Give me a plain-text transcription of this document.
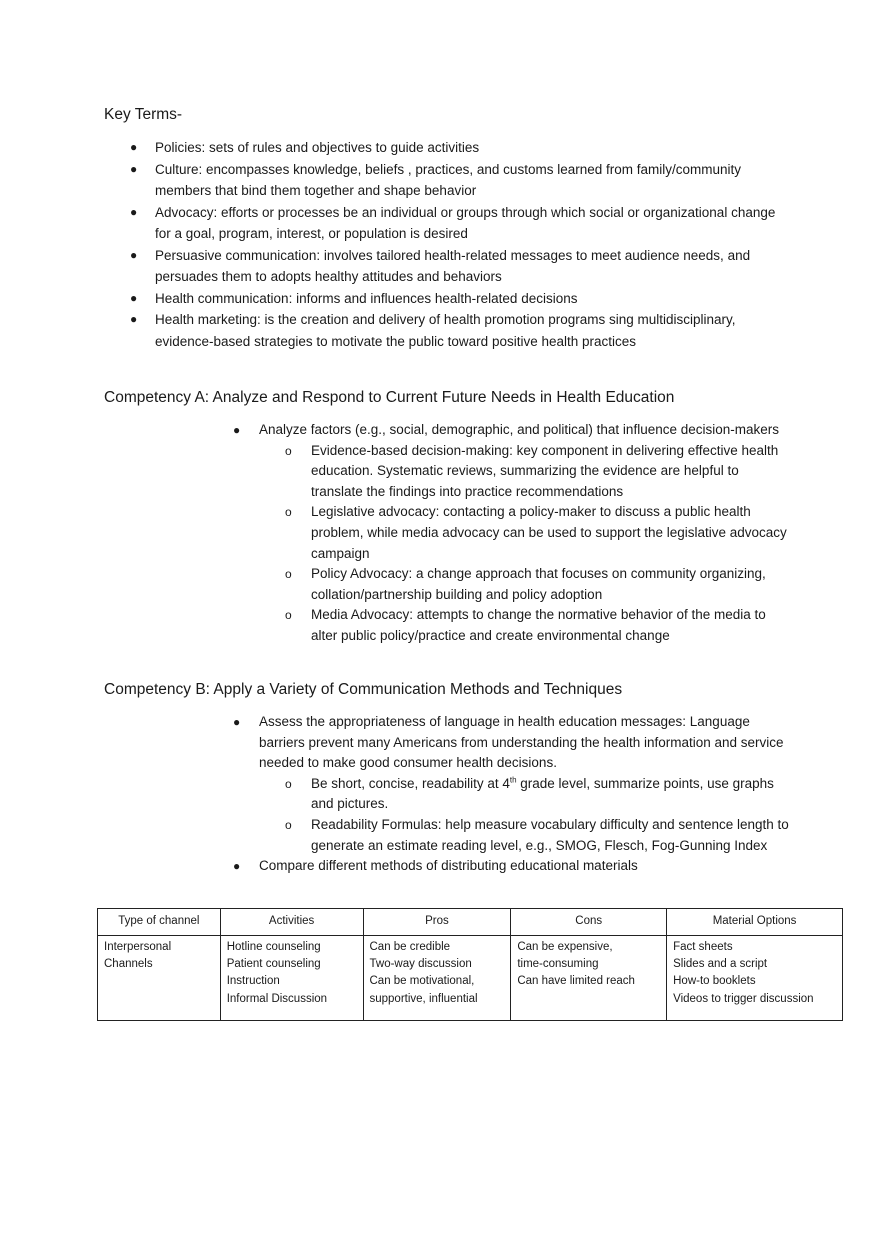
Key Terms-
● Policies: sets of rules and objectives to guide activities
● Culture: encompasses knowledge, beliefs , practices, and customs learned from family/community members that bind them together and shape behavior
● Advocacy: efforts or processes be an individual or groups through which social or organizational change for a goal, program, interest, or population is desired
● Persuasive communication: involves tailored health-related messages to meet audience needs, and persuades them to adopts healthy attitudes and behaviors
● Health communication: informs and influences health-related decisions
● Health marketing: is the creation and delivery of health promotion programs sing multidisciplinary, evidence-based strategies to motivate the public toward positive health practices
Competency A: Analyze and Respond to Current Future Needs in Health Education
● Analyze factors (e.g., social, demographic, and political) that influence decision-makers
o Evidence-based decision-making: key component in delivering effective health education. Systematic reviews, summarizing the evidence are helpful to translate the findings into practice recommendations
o Legislative advocacy: contacting a policy-maker to discuss a public health problem, while media advocacy can be used to support the legislative advocacy campaign
o Policy Advocacy: a change approach that focuses on community organizing, collation/partnership building and policy adoption
o Media Advocacy: attempts to change the normative behavior of the media to alter public policy/practice and create environmental change
Competency B: Apply a Variety of Communication Methods and Techniques
● Assess the appropriateness of language in health education messages: Language barriers prevent many Americans from understanding the health information and service needed to make good consumer health decisions.
o Be short, concise, readability at 4th grade level, summarize points, use graphs and pictures.
o Readability Formulas: help measure vocabulary difficulty and sentence length to generate an estimate reading level, e.g., SMOG, Flesch, Fog-Gunning Index
● Compare different methods of distributing educational materials
Type of channel	Activities	Pros	Cons	Material Options

Interpersonal
Channels	Hotline counseling
Patient counseling
Instruction
Informal Discussion	Can be credible
Two-way discussion
Can be motivational,
supportive, influential	Can be expensive,
time-consuming
Can have limited reach	Fact sheets
Slides and a script
How-to booklets
Videos to trigger discussion
